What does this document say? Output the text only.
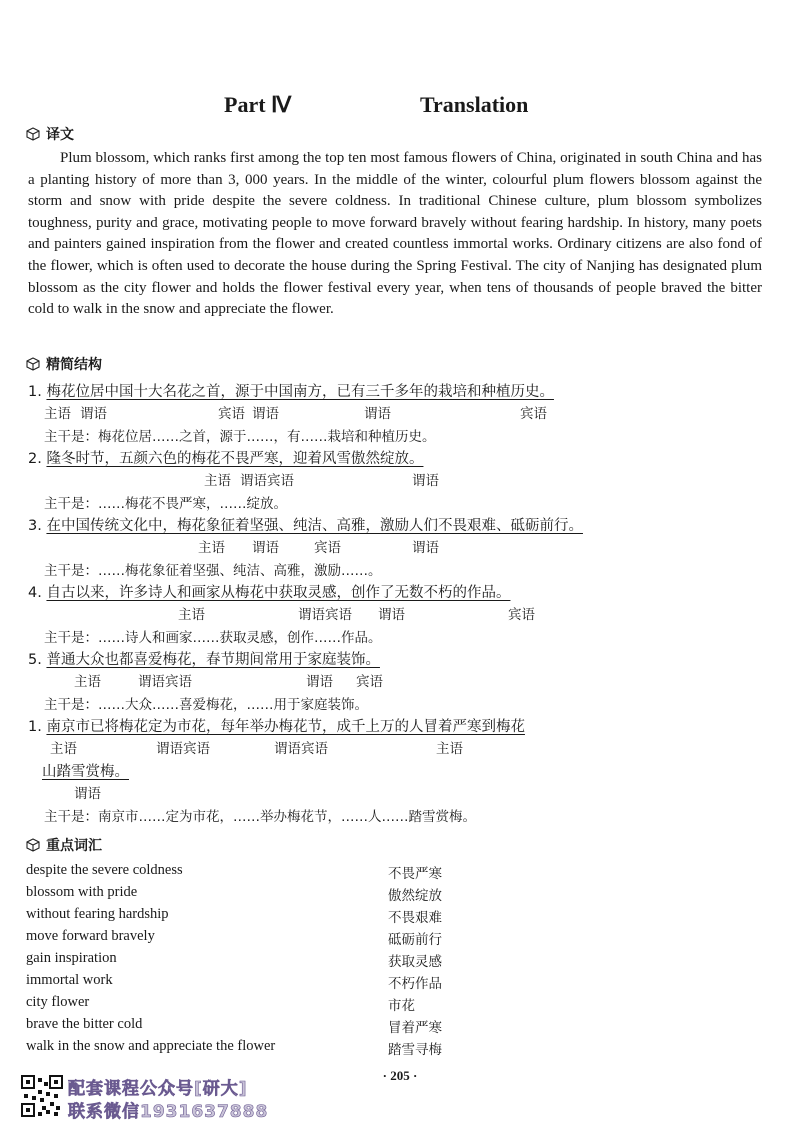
Part Ⅳ	Translation
译文
Plum blossom, which ranks first among the top ten most famous flowers of China, originated in south China and has a planting history of more than 3, 000 years. In the middle of the winter, colourful plum flowers blossom against the storm and snow with pride despite the severe coldness. In traditional Chinese culture, plum blossom symbolizes toughness, purity and grace, motivating people to move forward bravely without fearing hardship. In history, many poets and painters gained inspiration from the flower and created countless immortal works. Ordinary citizens are also fond of the flower, which is often used to decorate the house during the Spring Festival. The city of Nanjing has designated plum blossom as the city flower and holds the flower festival every year, when tens of thousands of people braved the bitter cold to walk in the snow and appreciate the flower.
精简结构
1. 梅花位居中国十大名花之首，源于中国南方，已有三千多年的栽培和种植历史。
主语 谓语	宾语 谓语	谓语	宾语
主干是：梅花位居……之首，源于……，有……栽培和种植历史。
2. 隆冬时节，五颜六色的梅花不畏严寒，迎着风雪傲然绽放。
主语 谓语宾语	谓语
主干是：……梅花不畏严寒，……绽放。
3. 在中国传统文化中，梅花象征着坚强、纯洁、高雅，激励人们不畏艰难、砥砺前行。
主语 谓语	宾语	谓语
主干是：……梅花象征着坚强、纯洁、高雅，激励……。
4. 自古以来，许多诗人和画家从梅花中获取灵感，创作了无数不朽的作品。
主语	谓语宾语 谓语	宾语
主干是：……诗人和画家……获取灵感，创作……作品。
5. 普通大众也都喜爱梅花，春节期间常用于家庭装饰。
主语	谓语宾语	谓语 宾语
主干是：……大众……喜爱梅花，……用于家庭装饰。
1. 南京市已将梅花定为市花，每年举办梅花节，成千上万的人冒着严寒到梅花
主语	谓语宾语	谓语宾语	主语
山踏雪赏梅。
谓语
主干是：南京市……定为市花，……举办梅花节，……人……踏雪赏梅。
重点词汇
despite the severe coldness	不畏严寒
blossom with pride	傲然绽放
without fearing hardship	不畏艰难
move forward bravely	砥砺前行
gain inspiration	获取灵感
immortal work	不朽作品
city flower	市花
brave the bitter cold	冒着严寒
walk in the snow and appreciate the flower	踏雪寻梅
· 205 ·
配套课程公众号[研大]
联系微信1931637888
